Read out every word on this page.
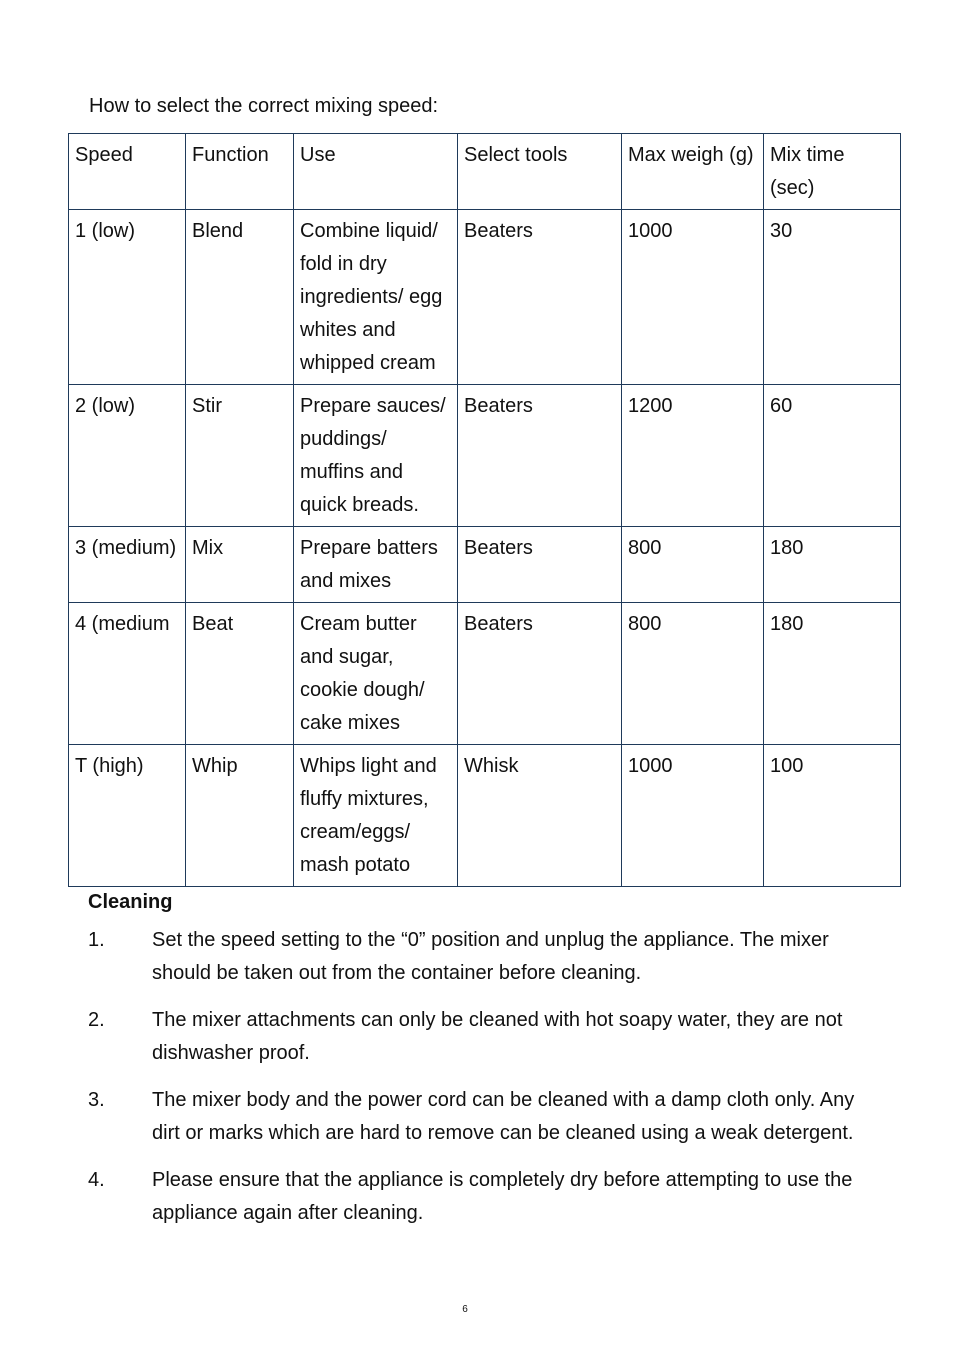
How to select the correct mixing speed:

Speed	Function	Use	Select tools	Max weigh (g)	Mix time (sec)
1 (low)	Blend	Combine liquid/ fold in dry ingredients/ egg whites and whipped cream	Beaters	1000	30
2 (low)	Stir	Prepare sauces/ puddings/ muffins and quick breads.	Beaters	1200	60
3 (medium)	Mix	Prepare batters and mixes	Beaters	800	180
4 (medium	Beat	Cream butter and sugar, cookie dough/ cake mixes	Beaters	800	180
T (high)	Whip	Whips light and fluffy mixtures, cream/eggs/ mash potato	Whisk	1000	100
Cleaning
1. Set the speed setting to the “0” position and unplug the appliance. The mixer should be taken out from the container before cleaning.
2. The mixer attachments can only be cleaned with hot soapy water, they are not dishwasher proof.
3. The mixer body and the power cord can be cleaned with a damp cloth only. Any dirt or marks which are hard to remove can be cleaned using a weak detergent.
4. Please ensure that the appliance is completely dry before attempting to use the appliance again after cleaning.
6
